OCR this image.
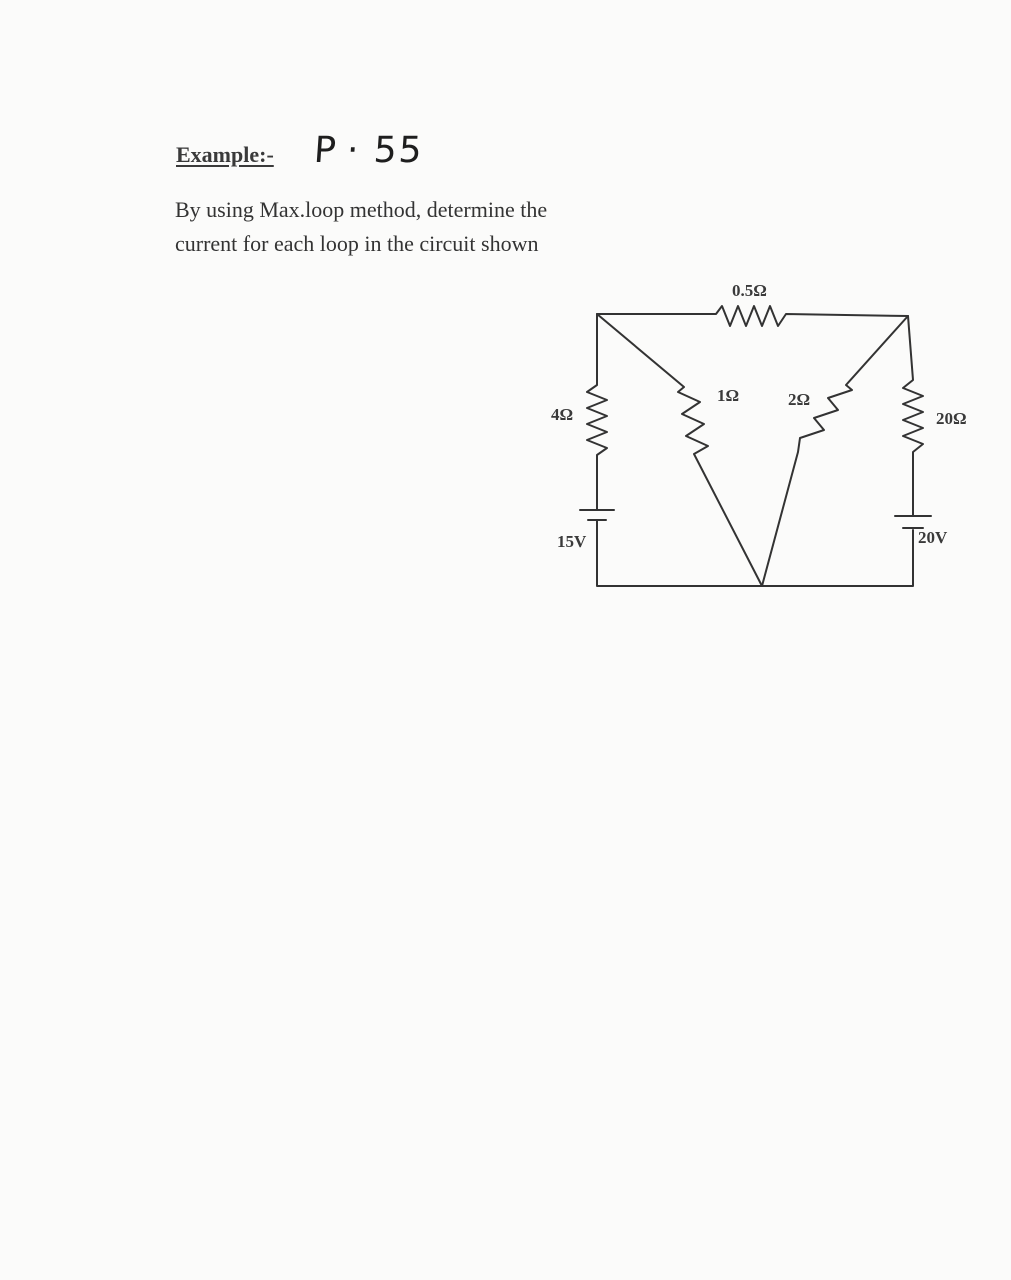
Example:- P · 55
By using Max.loop method, determine the
current for each loop in the circuit shown
0.5Ω
4Ω
1Ω	2Ω
20Ω
15V	20V
